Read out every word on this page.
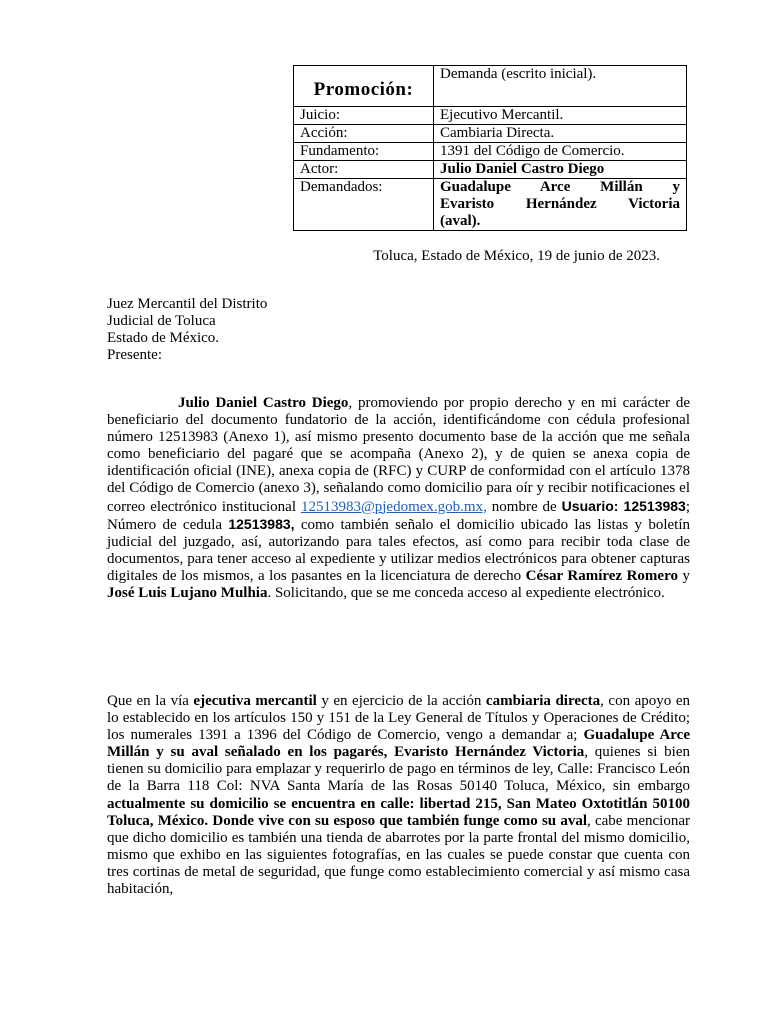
Promoción:	Demanda (escrito inicial).
Juicio:	Ejecutivo Mercantil.
Acción:	Cambiaria Directa.
Fundamento:	1391 del Código de Comercio.
Actor:	Julio Daniel Castro Diego
Demandados:	Guadalupe Arce Millán y
Evaristo Hernández Victoria
(aval).
Toluca, Estado de México, 19 de junio de 2023.
Juez Mercantil del Distrito
Judicial de Toluca
Estado de México.
Presente:

Julio Daniel Castro Diego, promoviendo por propio derecho y en mi carácter de beneficiario del documento fundatorio de la acción, identificándome con cédula profesional número 12513983 (Anexo 1), así mismo presento documento base de la acción que me señala como beneficiario del pagaré que se acompaña (Anexo 2), y de quien se anexa copia de identificación oficial (INE), anexa copia de (RFC) y CURP de conformidad con el artículo 1378 del Código de Comercio (anexo 3), señalando como domicilio para oír y recibir notificaciones el correo electrónico institucional 12513983@pjedomex.gob.mx, nombre de Usuario: 12513983; Número de cedula 12513983, como también señalo el domicilio ubicado las listas y boletín judicial del juzgado, así, autorizando para tales efectos, así como para recibir toda clase de documentos, para tener acceso al expediente y utilizar medios electrónicos para obtener capturas digitales de los mismos, a los pasantes en la licenciatura de derecho César Ramírez Romero y José Luis Lujano Mulhia. Solicitando, que se me conceda acceso al expediente electrónico.

Que en la vía ejecutiva mercantil y en ejercicio de la acción cambiaria directa, con apoyo en lo establecido en los artículos 150 y 151 de la Ley General de Títulos y Operaciones de Crédito; los numerales 1391 a 1396 del Código de Comercio, vengo a demandar a; Guadalupe Arce Millán y su aval señalado en los pagarés, Evaristo Hernández Victoria, quienes si bien tienen su domicilio para emplazar y requerirlo de pago en términos de ley, Calle: Francisco León de la Barra 118 Col: NVA Santa María de las Rosas 50140 Toluca, México, sin embargo actualmente su domicilio se encuentra en calle: libertad 215, San Mateo Oxtotitlán 50100 Toluca, México. Donde vive con su esposo que también funge como su aval, cabe mencionar que dicho domicilio es también una tienda de abarrotes por la parte frontal del mismo domicilio, mismo que exhibo en las siguientes fotografías, en las cuales se puede constar que cuenta con tres cortinas de metal de seguridad, que funge como establecimiento comercial y así mismo casa habitación,
